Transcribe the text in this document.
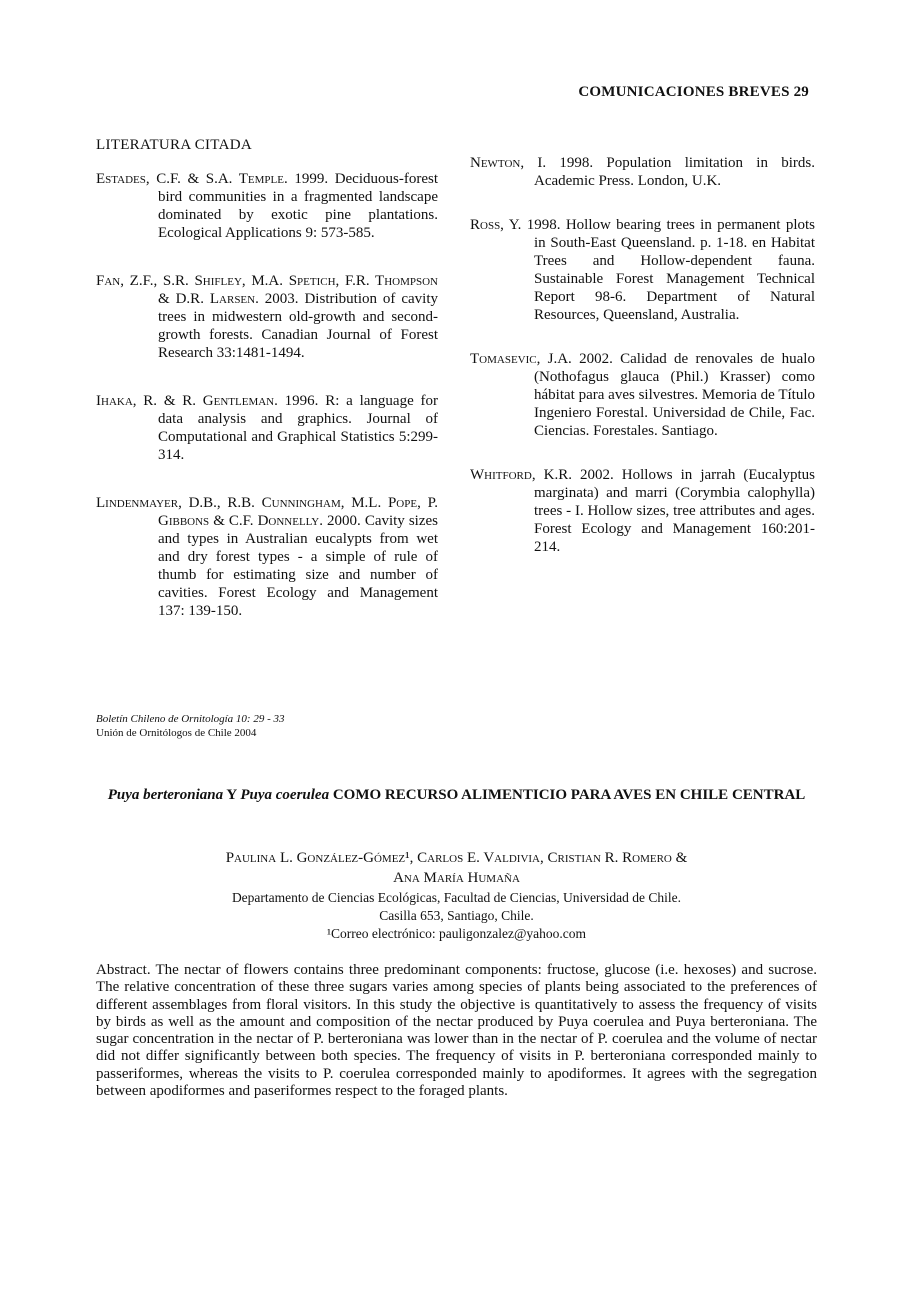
COMUNICACIONES BREVES 29
LITERATURA CITADA
Estades, C.F. & S.A. Temple. 1999. Deciduous-forest bird communities in a fragmented landscape dominated by exotic pine plantations. Ecological Applications 9: 573-585.
Fan, Z.F., S.R. Shifley, M.A. Spetich, F.R. Thompson & D.R. Larsen. 2003. Distribution of cavity trees in midwestern old-growth and second-growth forests. Canadian Journal of Forest Research 33:1481-1494.
Ihaka, R. & R. Gentleman. 1996. R: a language for data analysis and graphics. Journal of Computational and Graphical Statistics 5:299-314.
Lindenmayer, D.B., R.B. Cunningham, M.L. Pope, P. Gibbons & C.F. Donnelly. 2000. Cavity sizes and types in Australian eucalypts from wet and dry forest types - a simple of rule of thumb for estimating size and number of cavities. Forest Ecology and Management 137: 139-150.
Newton, I. 1998. Population limitation in birds. Academic Press. London, U.K.
Ross, Y. 1998. Hollow bearing trees in permanent plots in South-East Queensland. p. 1-18. en Habitat Trees and Hollow-dependent fauna. Sustainable Forest Management Technical Report 98-6. Department of Natural Resources, Queensland, Australia.
Tomasevic, J.A. 2002. Calidad de renovales de hualo (Nothofagus glauca (Phil.) Krasser) como hábitat para aves silvestres. Memoria de Título Ingeniero Forestal. Universidad de Chile, Fac. Ciencias. Forestales. Santiago.
Whitford, K.R. 2002. Hollows in jarrah (Eucalyptus marginata) and marri (Corymbia calophylla) trees - I. Hollow sizes, tree attributes and ages. Forest Ecology and Management 160:201-214.
Boletín Chileno de Ornitología 10: 29 - 33
Unión de Ornitólogos de Chile 2004
Puya berteroniana Y Puya coerulea COMO RECURSO ALIMENTICIO PARA AVES EN CHILE CENTRAL
Paulina L. González-Gómez¹, Carlos E. Valdivia, Cristian R. Romero &
Ana María Humaña
Departamento de Ciencias Ecológicas, Facultad de Ciencias, Universidad de Chile.
Casilla 653, Santiago, Chile.
¹Correo electrónico: pauligonzalez@yahoo.com
Abstract. The nectar of flowers contains three predominant components: fructose, glucose (i.e. hexoses) and sucrose. The relative concentration of these three sugars varies among species of plants being associated to the preferences of different assemblages from floral visitors. In this study the objective is quantitatively to assess the frequency of visits by birds as well as the amount and composition of the nectar produced by Puya coerulea and Puya berteroniana. The sugar concentration in the nectar of P. berteroniana was lower than in the nectar of P. coerulea and the volume of nectar did not differ significantly between both species. The frequency of visits in P. berteroniana corresponded mainly to passeriformes, whereas the visits to P. coerulea corresponded mainly to apodiformes. It agrees with the segregation between apodiformes and paseriformes respect to the foraged plants.
